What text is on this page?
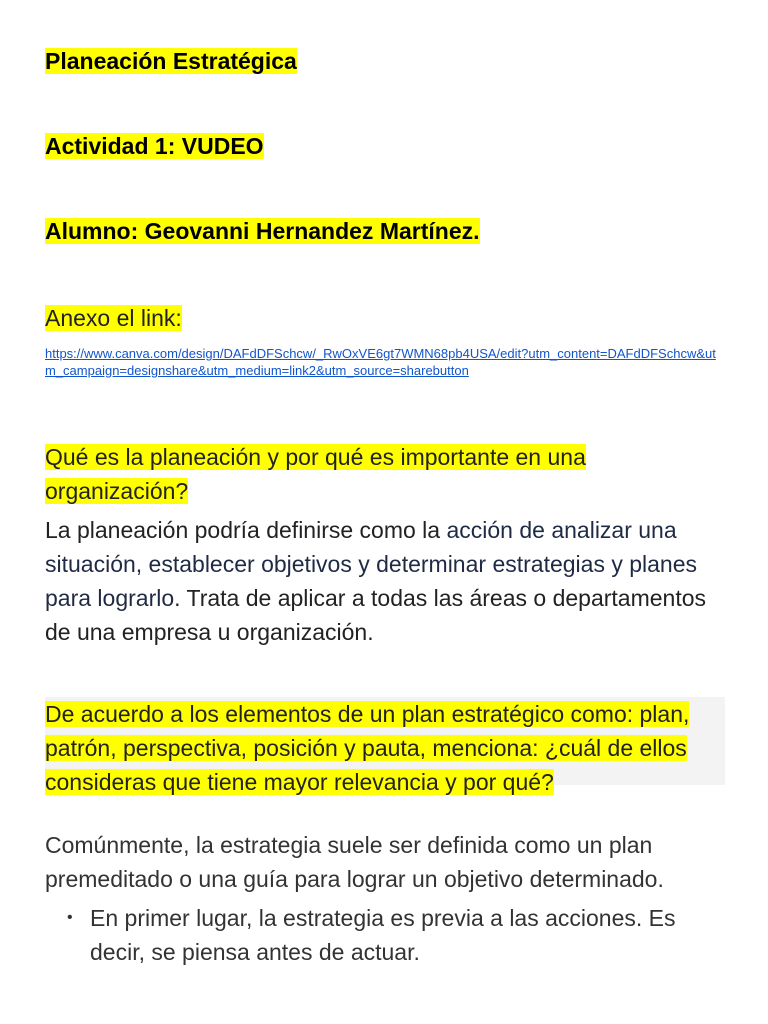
Planeación Estratégica
Actividad 1: VUDEO
Alumno: Geovanni Hernandez Martínez.
Anexo el link:
https://www.canva.com/design/DAFdDFSchcw/_RwOxVE6gt7WMN68pb4USA/edit?utm_content=DAFdDFSchcw&utm_campaign=designshare&utm_medium=link2&utm_source=sharebutton

Qué es la planeación y por qué es importante en una organización?

La planeación podría definirse como la acción de analizar una situación, establecer objetivos y determinar estrategias y planes para lograrlo. Trata de aplicar a todas las áreas o departamentos de una empresa u organización.

De acuerdo a los elementos de un plan estratégico como: plan, patrón, perspectiva, posición y pauta, menciona: ¿cuál de ellos consideras que tiene mayor relevancia y por qué?

Comúnmente, la estrategia suele ser definida como un plan premeditado o una guía para lograr un objetivo determinado.

• En primer lugar, la estrategia es previa a las acciones. Es decir, se piensa antes de actuar.
